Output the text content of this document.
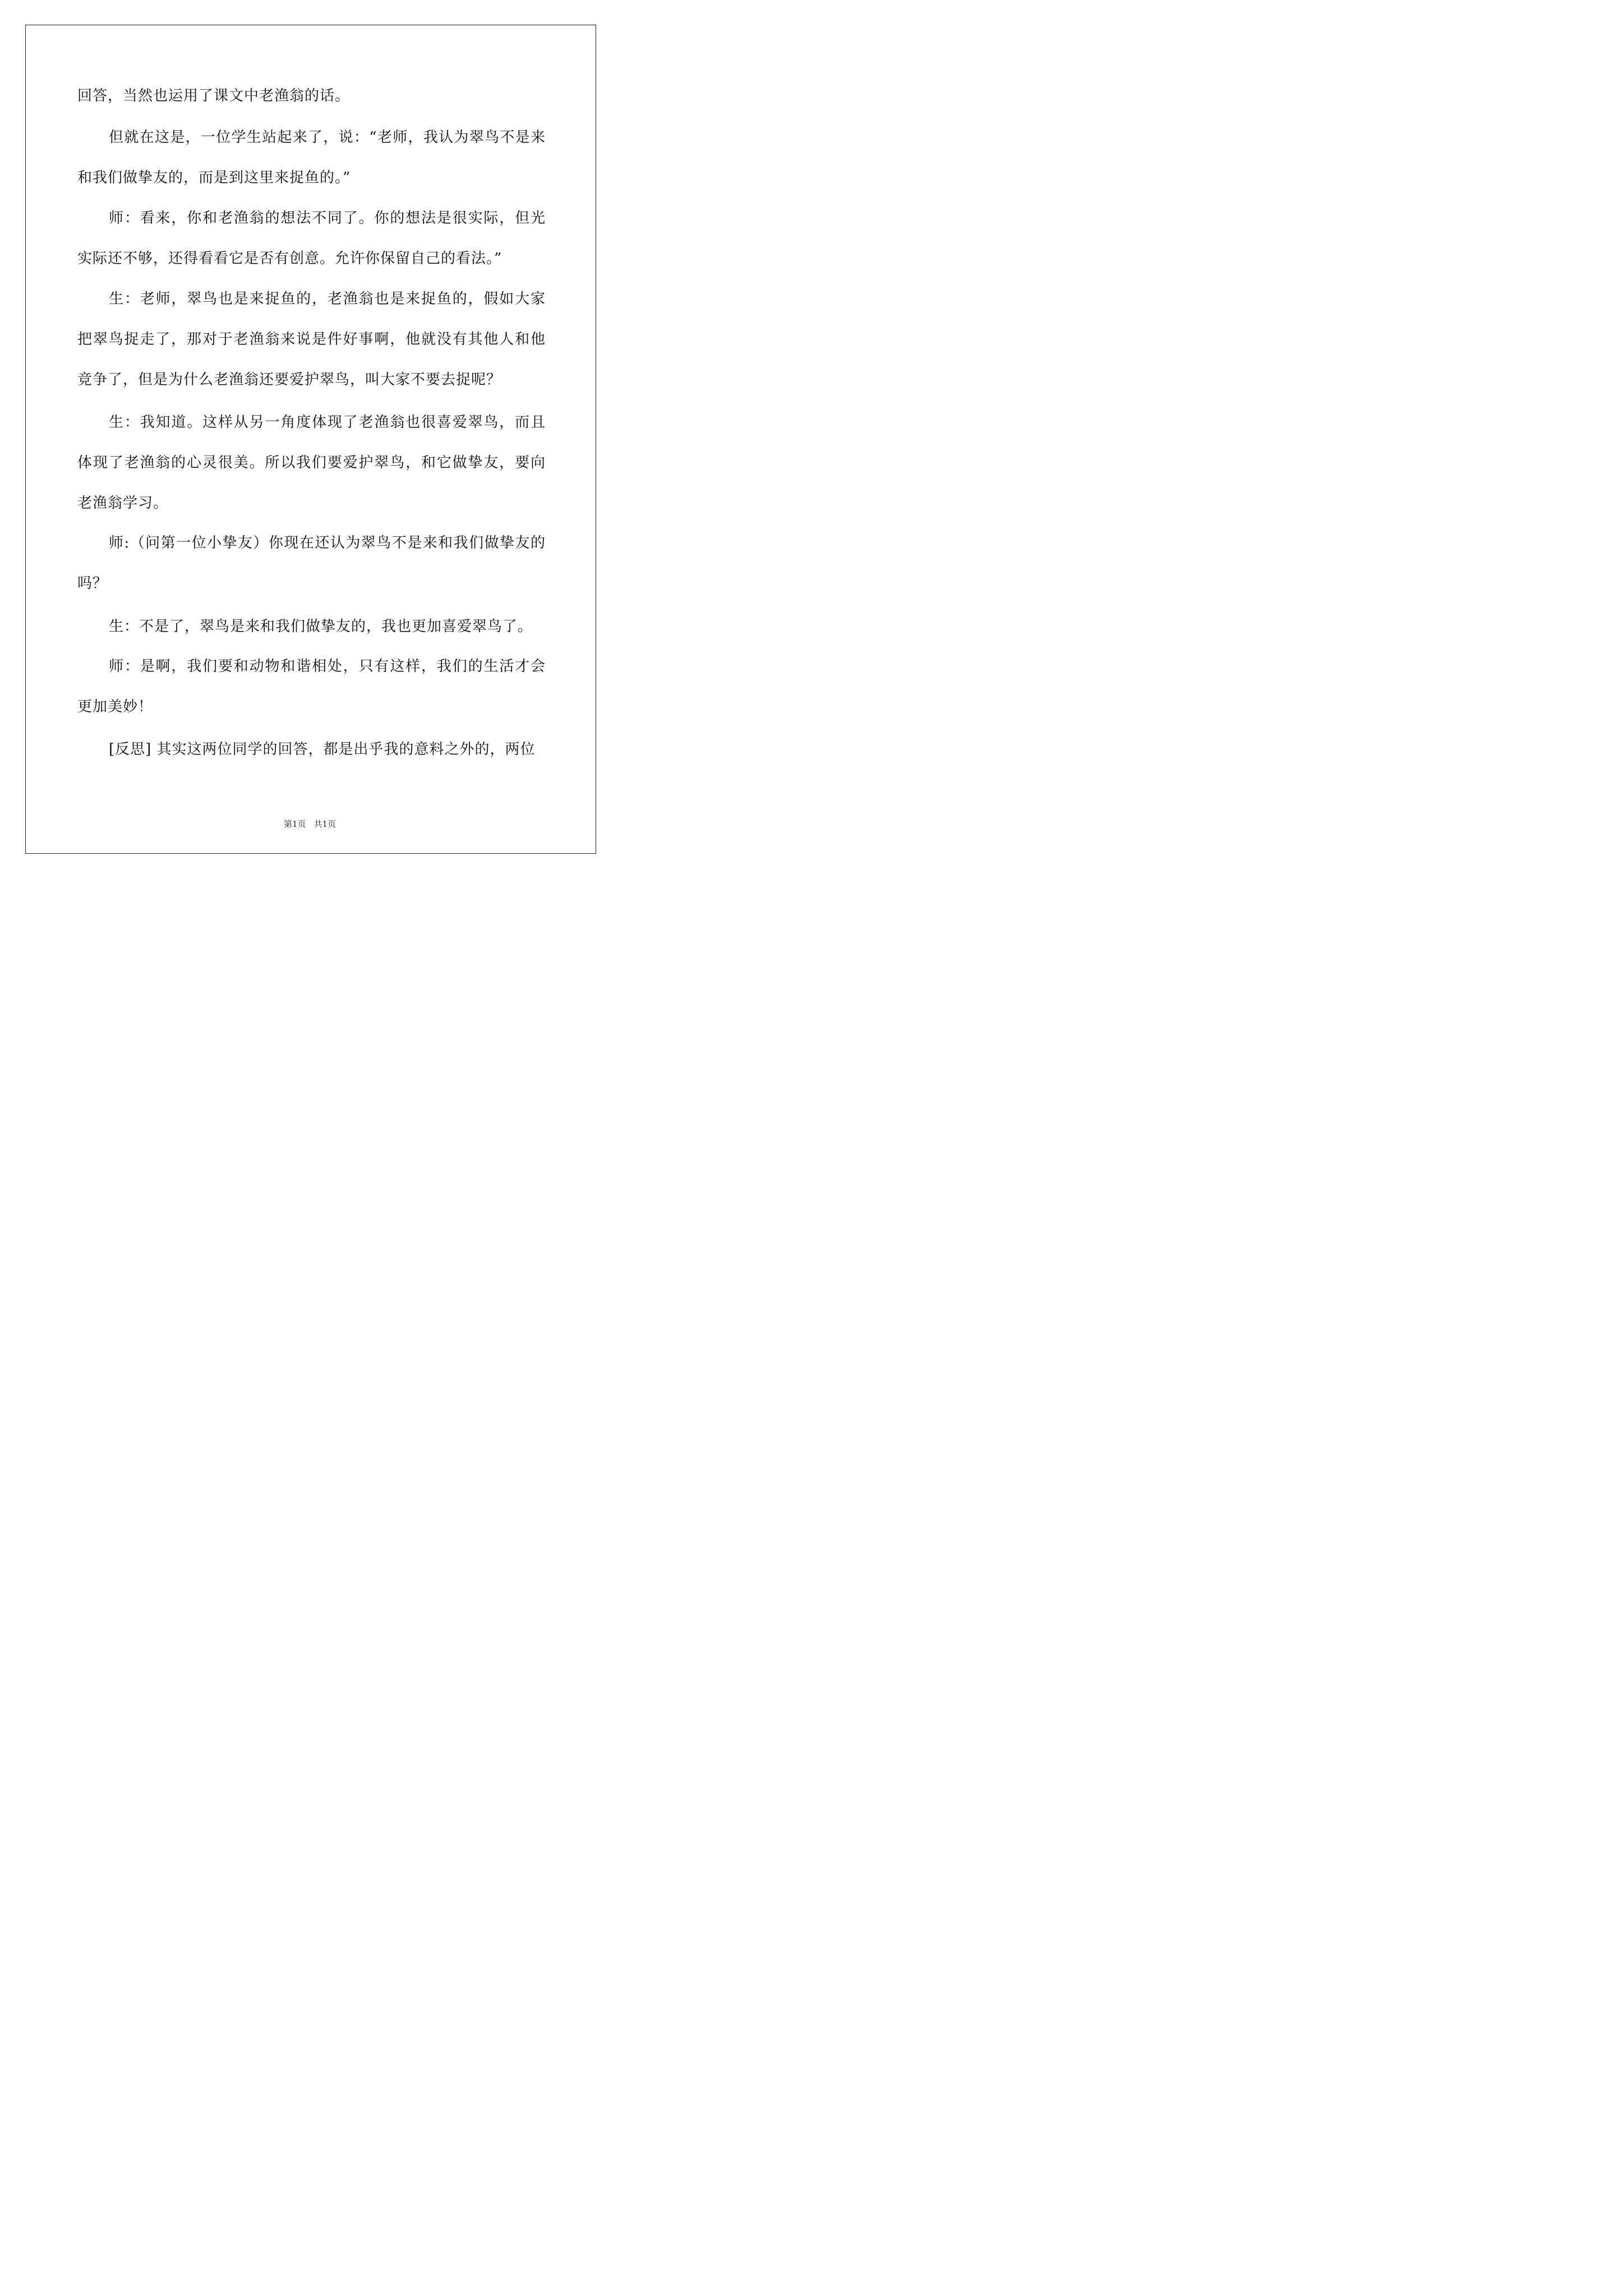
回答，当然也运用了课文中老渔翁的话。

但就在这是，一位学生站起来了，说：“老师，我认为翠鸟不是来和我们做挚友的，而是到这里来捉鱼的。”

师：看来，你和老渔翁的想法不同了。你的想法是很实际，但光实际还不够，还得看看它是否有创意。允许你保留自己的看法。”

生：老师，翠鸟也是来捉鱼的，老渔翁也是来捉鱼的，假如大家把翠鸟捉走了，那对于老渔翁来说是件好事啊，他就没有其他人和他竞争了，但是为什么老渔翁还要爱护翠鸟，叫大家不要去捉呢？

生：我知道。这样从另一角度体现了老渔翁也很喜爱翠鸟，而且体现了老渔翁的心灵很美。所以我们要爱护翠鸟，和它做挚友，要向老渔翁学习。

师:（问第一位小挚友）你现在还认为翠鸟不是来和我们做挚友的吗？

生：不是了，翠鸟是来和我们做挚友的，我也更加喜爱翠鸟了。

师：是啊，我们要和动物和谐相处，只有这样，我们的生活才会更加美妙！

[反思] 其实这两位同学的回答，都是出乎我的意料之外的，两位

第1页 共1页
